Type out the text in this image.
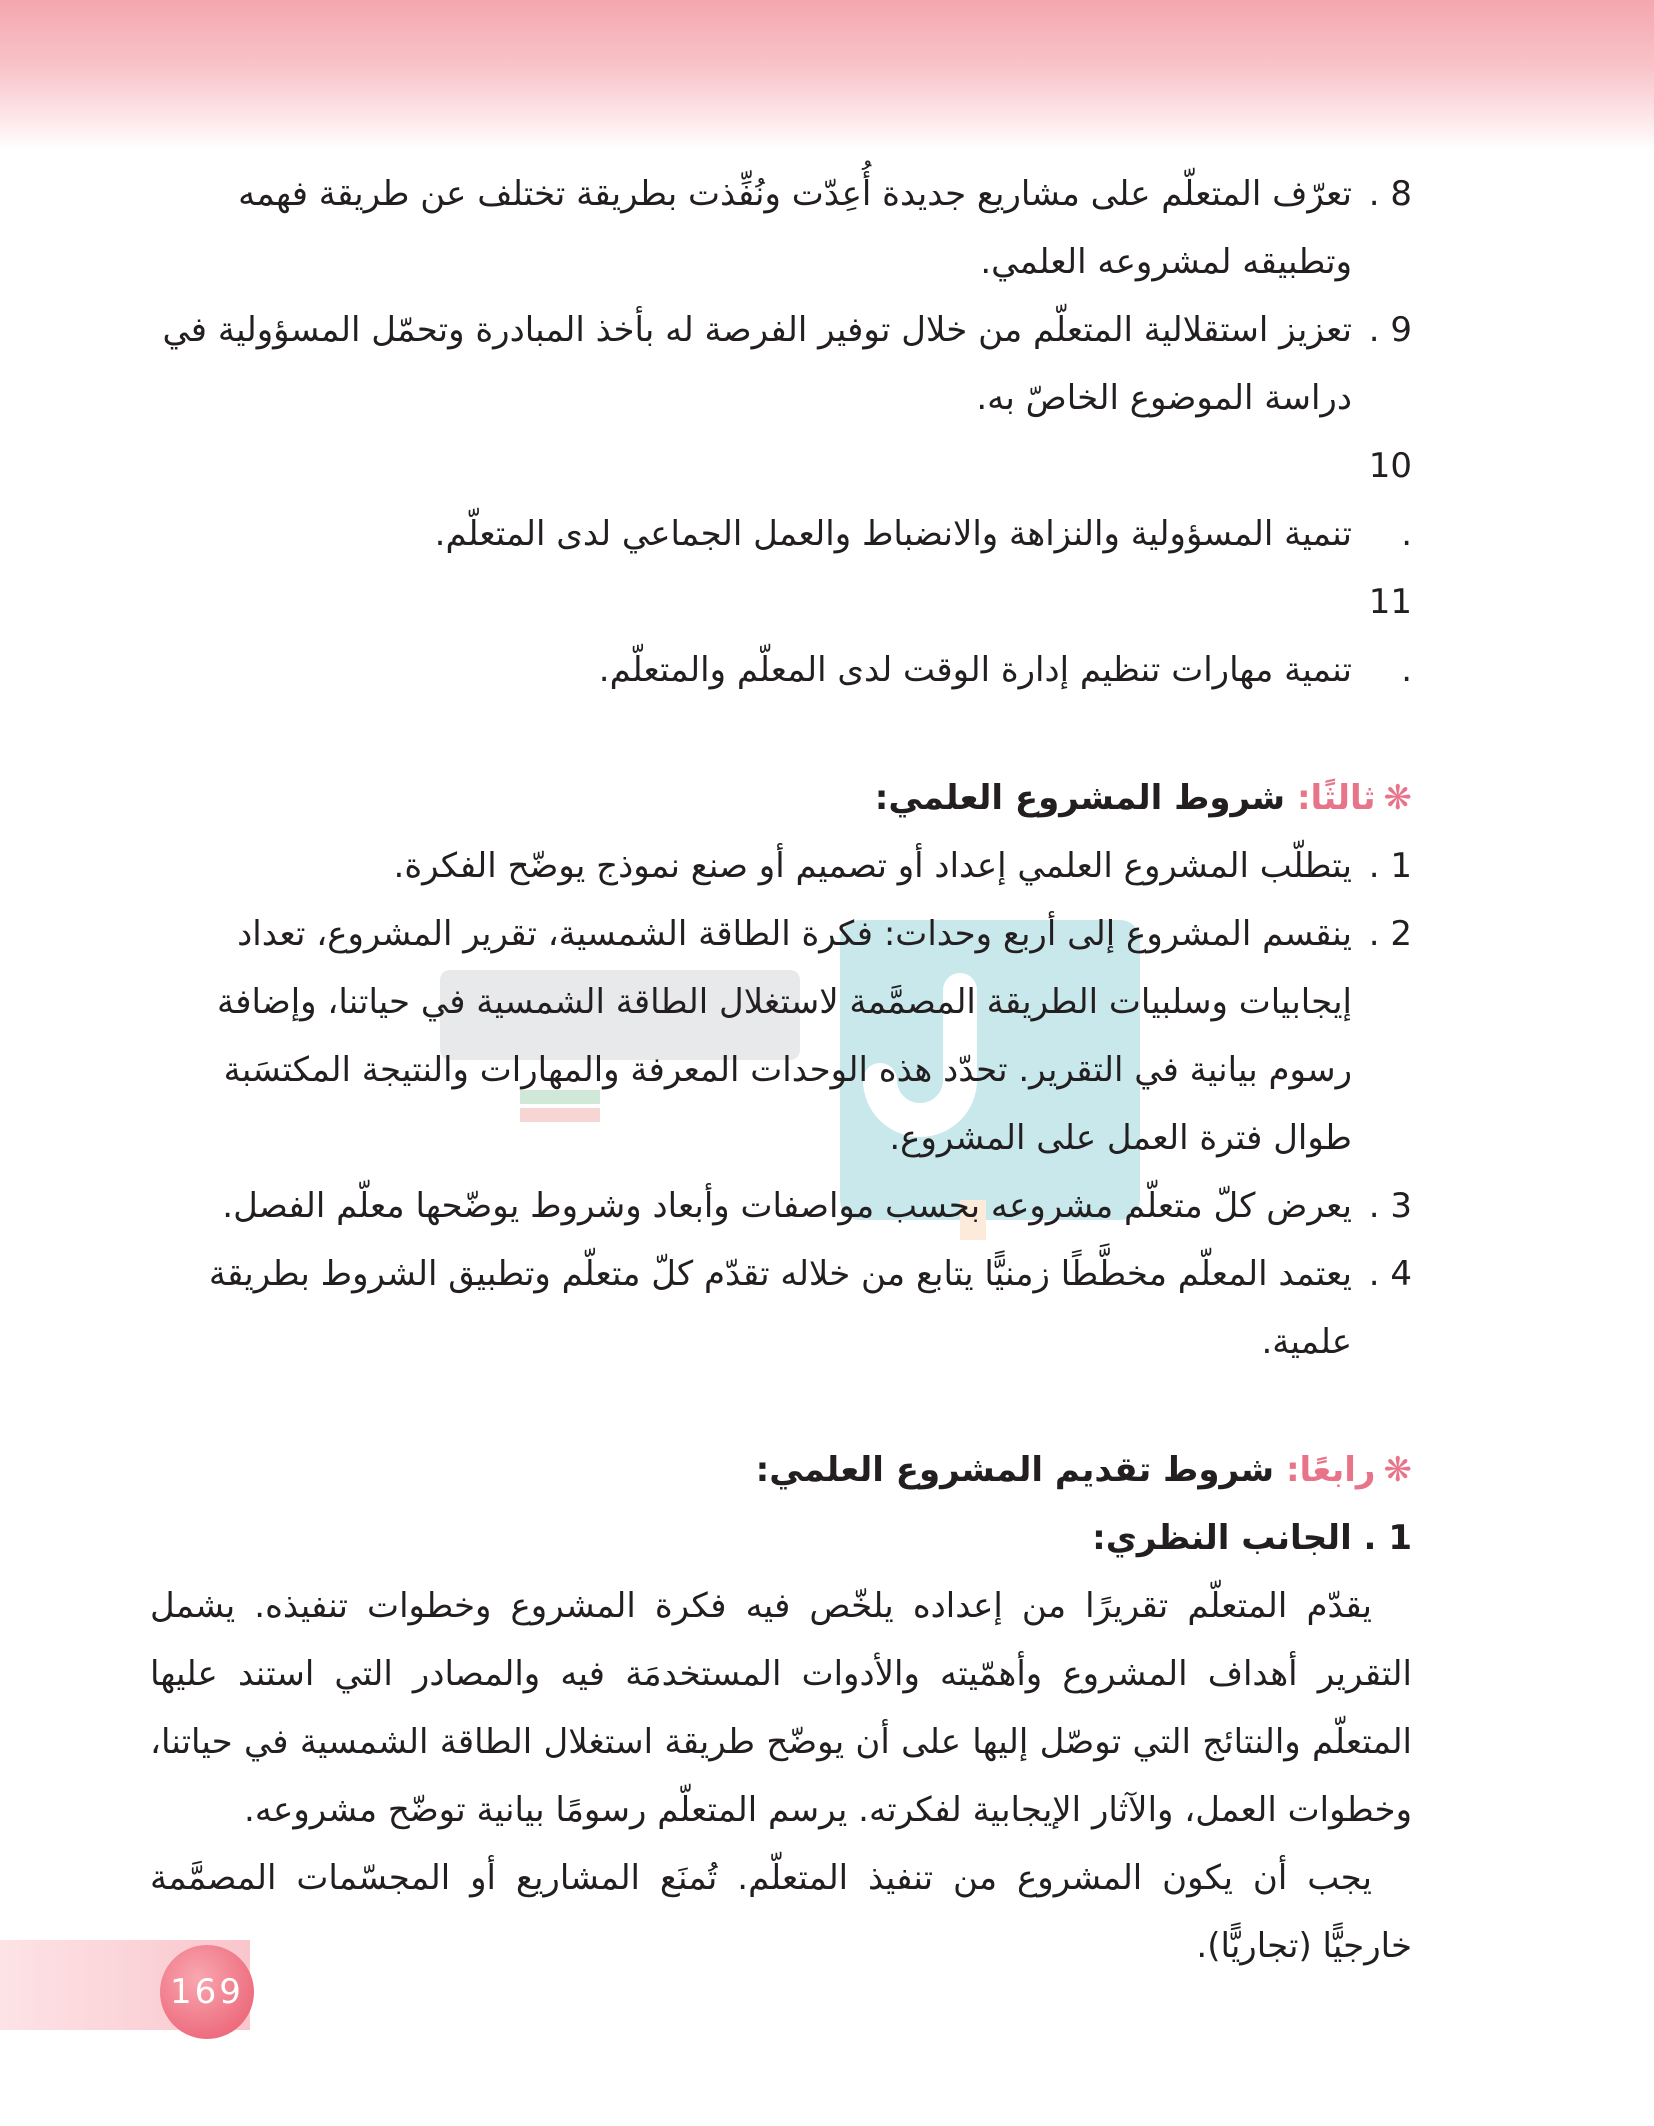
8 .تعرّف المتعلّم على مشاريع جديدة أُعِدّت ونُفِّذت بطريقة تختلف عن طريقة فهمه وتطبيقه لمشروعه العلمي.

9 .تعزيز استقلالية المتعلّم من خلال توفير الفرصة له بأخذ المبادرة وتحمّل المسؤولية في دراسة الموضوع الخاصّ به.

10 .تنمية المسؤولية والنزاهة والانضباط والعمل الجماعي لدى المتعلّم.

11 .تنمية مهارات تنظيم إدارة الوقت لدى المعلّم والمتعلّم.

❋ثالثًا: شروط المشروع العلمي:

1 .يتطلّب المشروع العلمي إعداد أو تصميم أو صنع نموذج يوضّح الفكرة.

2 .ينقسم المشروع إلى أربع وحدات: فكرة الطاقة الشمسية، تقرير المشروع، تعداد إيجابيات وسلبيات الطريقة المصمَّمة لاستغلال الطاقة الشمسية في حياتنا، وإضافة رسوم بيانية في التقرير. تحدّد هذه الوحدات المعرفة والمهارات والنتيجة المكتسَبة طوال فترة العمل على المشروع.

3 .يعرض كلّ متعلّم مشروعه بحسب مواصفات وأبعاد وشروط يوضّحها معلّم الفصل.

4 .يعتمد المعلّم مخطَّطًا زمنيًّا يتابع من خلاله تقدّم كلّ متعلّم وتطبيق الشروط بطريقة علمية.

❋رابعًا: شروط تقديم المشروع العلمي:

1 . الجانب النظري:

يقدّم المتعلّم تقريرًا من إعداده يلخّص فيه فكرة المشروع وخطوات تنفيذه. يشمل التقرير أهداف المشروع وأهمّيته والأدوات المستخدمَة فيه والمصادر التي استند عليها المتعلّم والنتائج التي توصّل إليها على أن يوضّح طريقة استغلال الطاقة الشمسية في حياتنا، وخطوات العمل، والآثار الإيجابية لفكرته. يرسم المتعلّم رسومًا بيانية توضّح مشروعه.

يجب أن يكون المشروع من تنفيذ المتعلّم. تُمنَع المشاريع أو المجسّمات المصمَّمة خارجيًّا (تجاريًّا).

169
